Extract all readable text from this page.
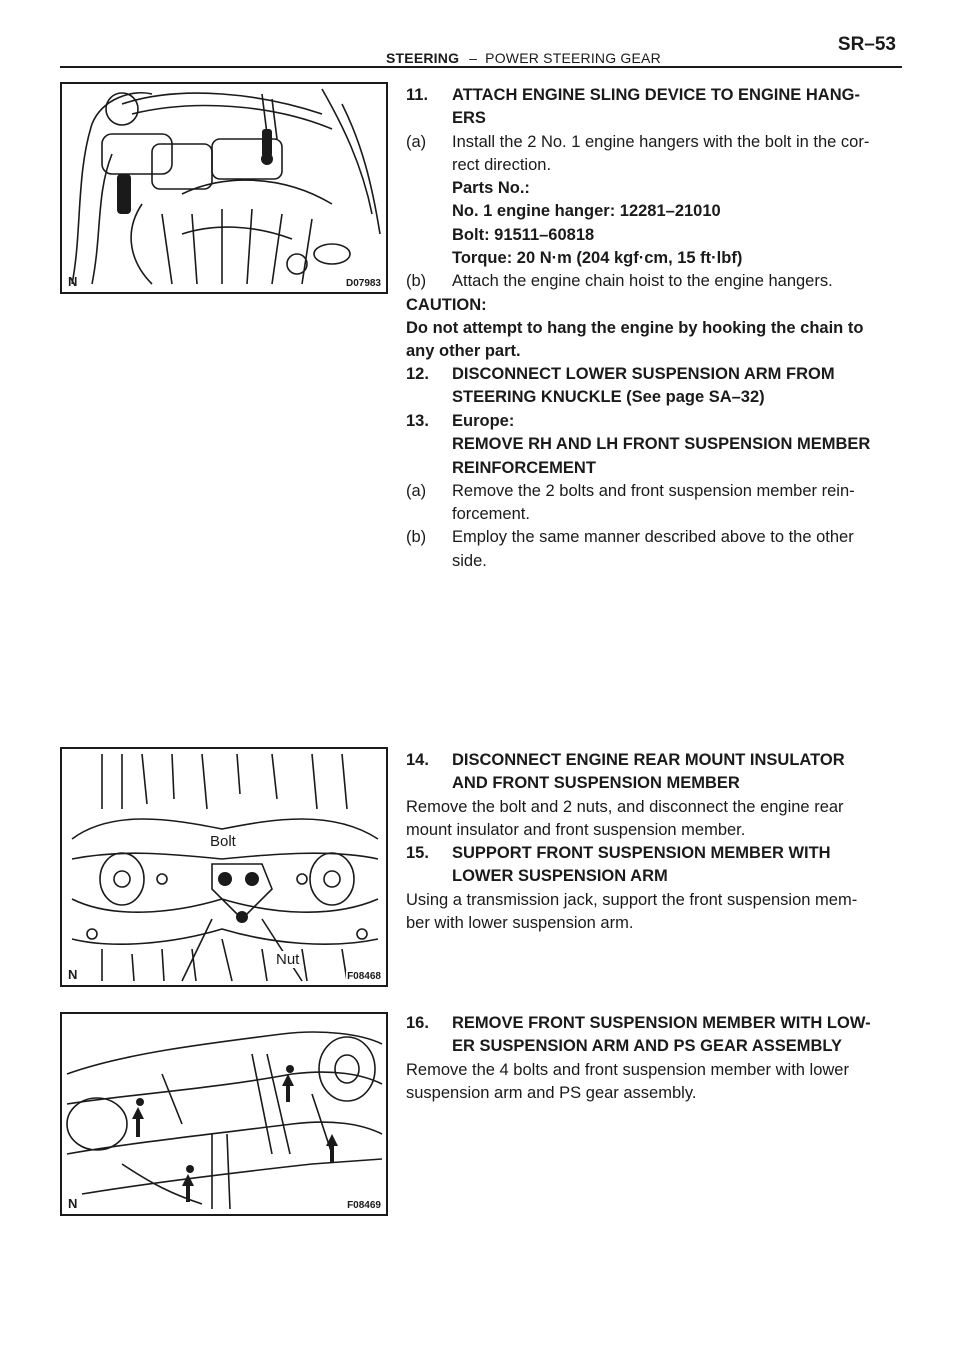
SR–53
STEERING – POWER STEERING GEAR
N	D07983
Bolt
Nut
N	F08468
N	F08469
11.	ATTACH ENGINE SLING DEVICE TO ENGINE HANG-
ERS
(a)	Install the 2 No. 1 engine hangers with the bolt in the cor-
rect direction.
Parts No.:
No. 1 engine hanger: 12281–21010
Bolt: 91511–60818
Torque: 20 N·m (204 kgf·cm, 15 ft·lbf)
(b)	Attach the engine chain hoist to the engine hangers.
CAUTION:
Do not attempt to hang the engine by hooking the chain to
any other part.
12.	DISCONNECT LOWER SUSPENSION ARM FROM
STEERING KNUCKLE (See page SA–32)
13.	Europe:
REMOVE RH AND LH FRONT SUSPENSION MEMBER
REINFORCEMENT
(a)	Remove the 2 bolts and front suspension member rein-
forcement.
(b)	Employ the same manner described above to the other
side.
14.	DISCONNECT ENGINE REAR MOUNT INSULATOR
AND FRONT SUSPENSION MEMBER
Remove the bolt and 2 nuts, and disconnect the engine rear
mount insulator and front suspension member.
15.	SUPPORT FRONT SUSPENSION MEMBER WITH
LOWER SUSPENSION ARM
Using a transmission jack, support the front suspension mem-
ber with lower suspension arm.
16.	REMOVE FRONT SUSPENSION MEMBER WITH LOW-
ER SUSPENSION ARM AND PS GEAR ASSEMBLY
Remove the 4 bolts and front suspension member with lower
suspension arm and PS gear assembly.
